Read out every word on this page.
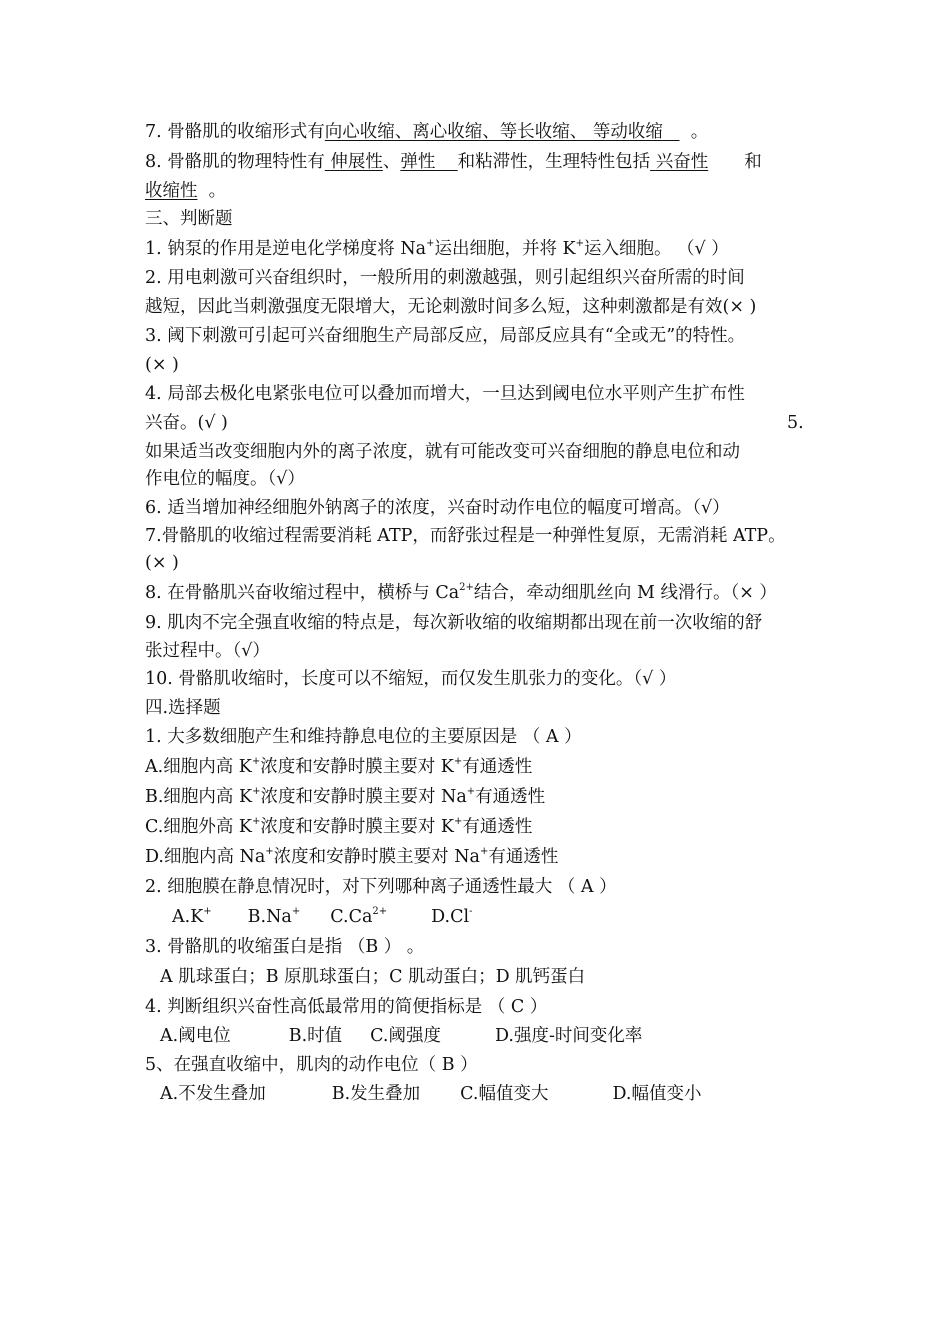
7. 骨骼肌的收缩形式有向心收缩、离心收缩、等长收缩、 等动收缩 。
8. 骨骼肌的物理特性有 伸展性、弹性 和粘滞性，生理特性包括 兴奋性 和
收缩性 。
三、判断题
1. 钠泵的作用是逆电化学梯度将 Na+运出细胞，并将 K+运入细胞。 （√ ）
2. 用电刺激可兴奋组织时，一般所用的刺激越强，则引起组织兴奋所需的时间
越短，因此当刺激强度无限增大，无论刺激时间多么短，这种刺激都是有效(× )
3. 阈下刺激可引起可兴奋细胞生产局部反应，局部反应具有“全或无”的特性。
(× )
4. 局部去极化电紧张电位可以叠加而增大，一旦达到阈电位水平则产生扩布性
兴奋。(√ )	5.
如果适当改变细胞内外的离子浓度，就有可能改变可兴奋细胞的静息电位和动
作电位的幅度。（√）
6. 适当增加神经细胞外钠离子的浓度，兴奋时动作电位的幅度可增高。（√）
7.骨骼肌的收缩过程需要消耗 ATP，而舒张过程是一种弹性复原，无需消耗 ATP。
(× )
8. 在骨骼肌兴奋收缩过程中，横桥与 $Ca^{2+}$结合，牵动细肌丝向 M 线滑行。（× ）
9. 肌肉不完全强直收缩的特点是，每次新收缩的收缩期都出现在前一次收缩的舒
张过程中。（√）
10. 骨骼肌收缩时，长度可以不缩短，而仅发生肌张力的变化。（√ ）
四.选择题
1. 大多数细胞产生和维持静息电位的主要原因是 （ A ）
A.细胞内高 K+浓度和安静时膜主要对 K+有通透性
B.细胞内高 K+浓度和安静时膜主要对 Na+有通透性
C.细胞外高 K+浓度和安静时膜主要对 K+有通透性
D.细胞内高 Na+浓度和安静时膜主要对 Na+有通透性
2. 细胞膜在静息情况时，对下列哪种离子通透性最大 （ A ）
A.K+ B.Na+ $C.Ca^{2+}$	D.Cl-
3. 骨骼肌的收缩蛋白是指 （B ） 。
A 肌球蛋白；B 原肌球蛋白；C 肌动蛋白；D 肌钙蛋白
4. 判断组织兴奋性高低最常用的简便指标是 （ C ）
A.阈电位	B.时值 C.阈强度	D.强度-时间变化率
5、在强直收缩中，肌肉的动作电位（ B ）
A.不发生叠加	B.发生叠加 C.幅值变大	D.幅值变小
